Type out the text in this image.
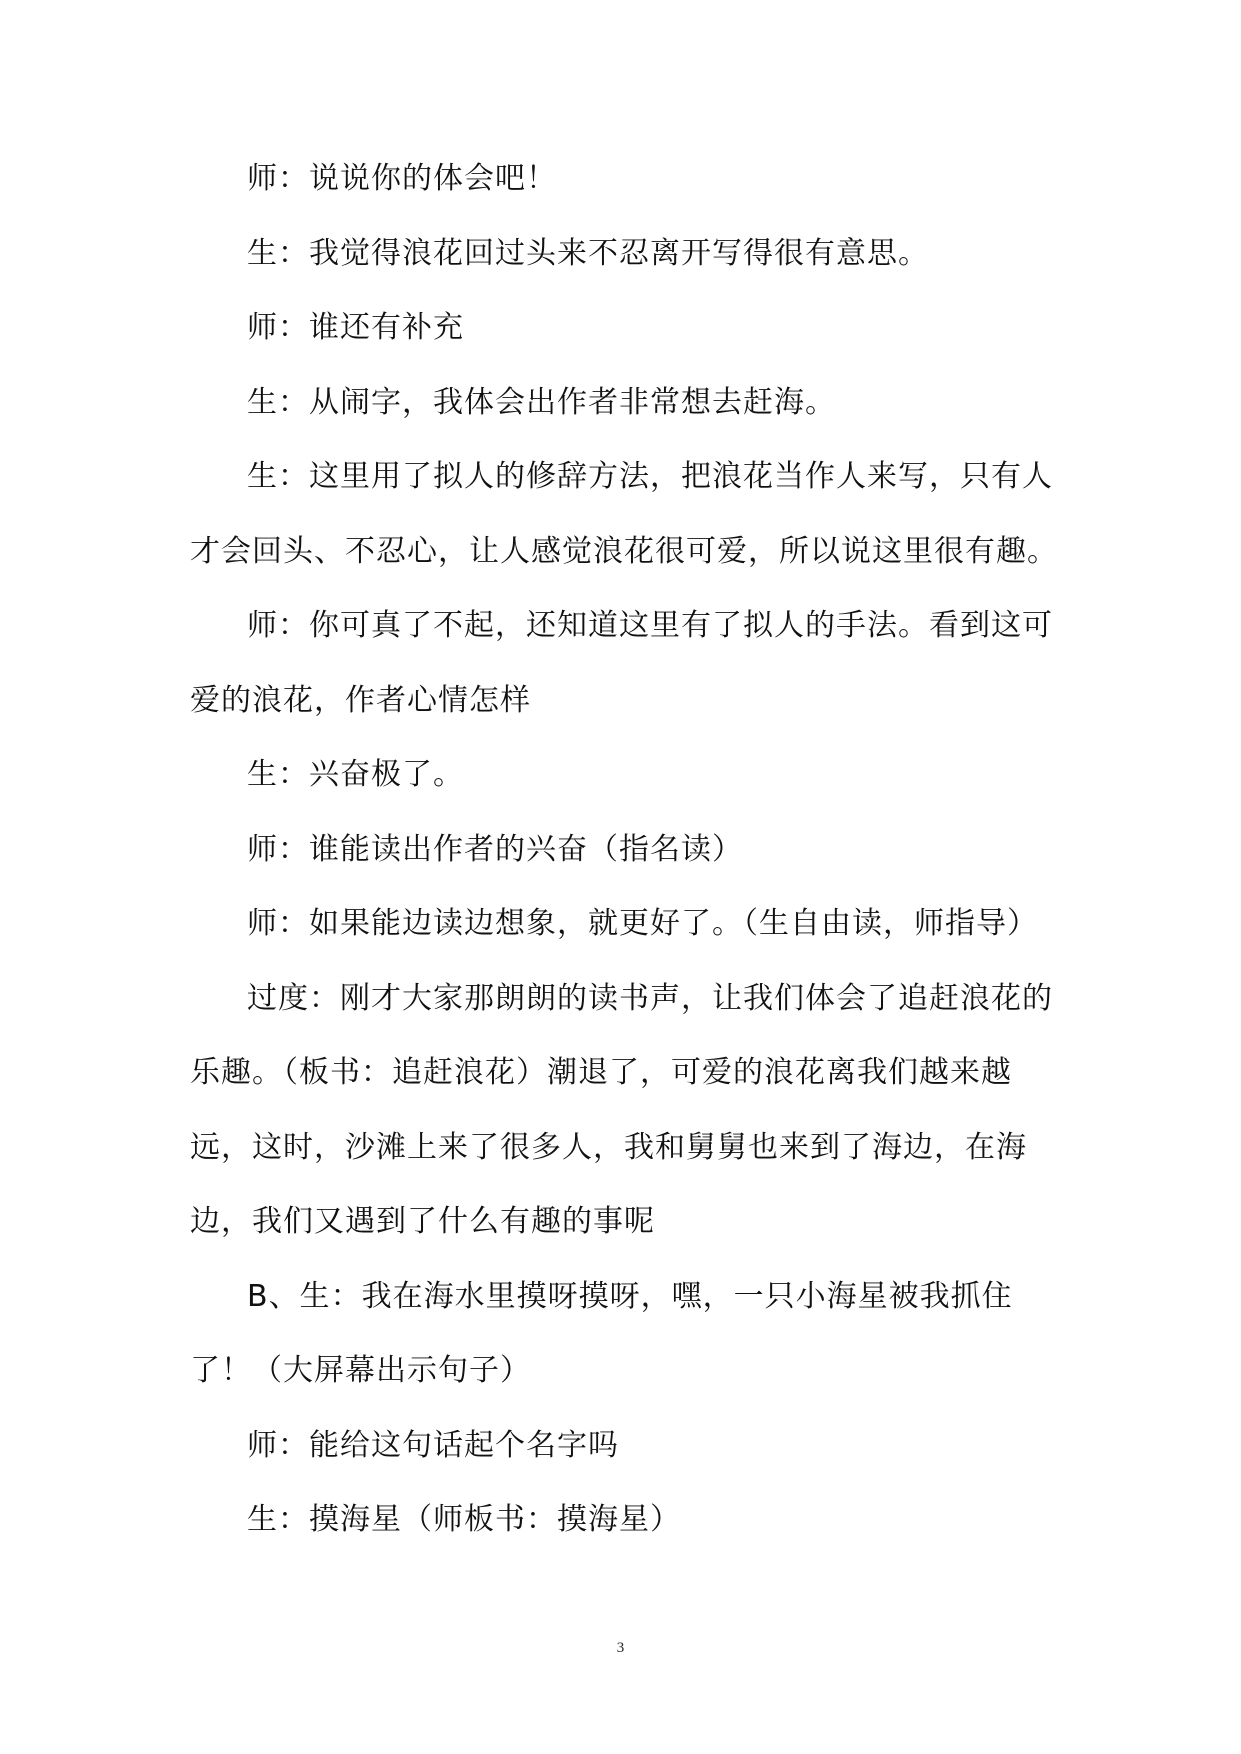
师：说说你的体会吧！

生：我觉得浪花回过头来不忍离开写得很有意思。

师：谁还有补充

生：从闹字，我体会出作者非常想去赶海。

生：这里用了拟人的修辞方法，把浪花当作人来写，只有人才会回头、不忍心，让人感觉浪花很可爱，所以说这里很有趣。

师：你可真了不起，还知道这里有了拟人的手法。看到这可爱的浪花，作者心情怎样

生：兴奋极了。

师：谁能读出作者的兴奋（指名读）

师：如果能边读边想象，就更好了。（生自由读，师指导）

过度：刚才大家那朗朗的读书声，让我们体会了追赶浪花的乐趣。（板书：追赶浪花）潮退了，可爱的浪花离我们越来越远，这时，沙滩上来了很多人，我和舅舅也来到了海边，在海边，我们又遇到了什么有趣的事呢

B、生：我在海水里摸呀摸呀，嘿，一只小海星被我抓住了！（大屏幕出示句子）

师：能给这句话起个名字吗

生：摸海星（师板书：摸海星）

3
